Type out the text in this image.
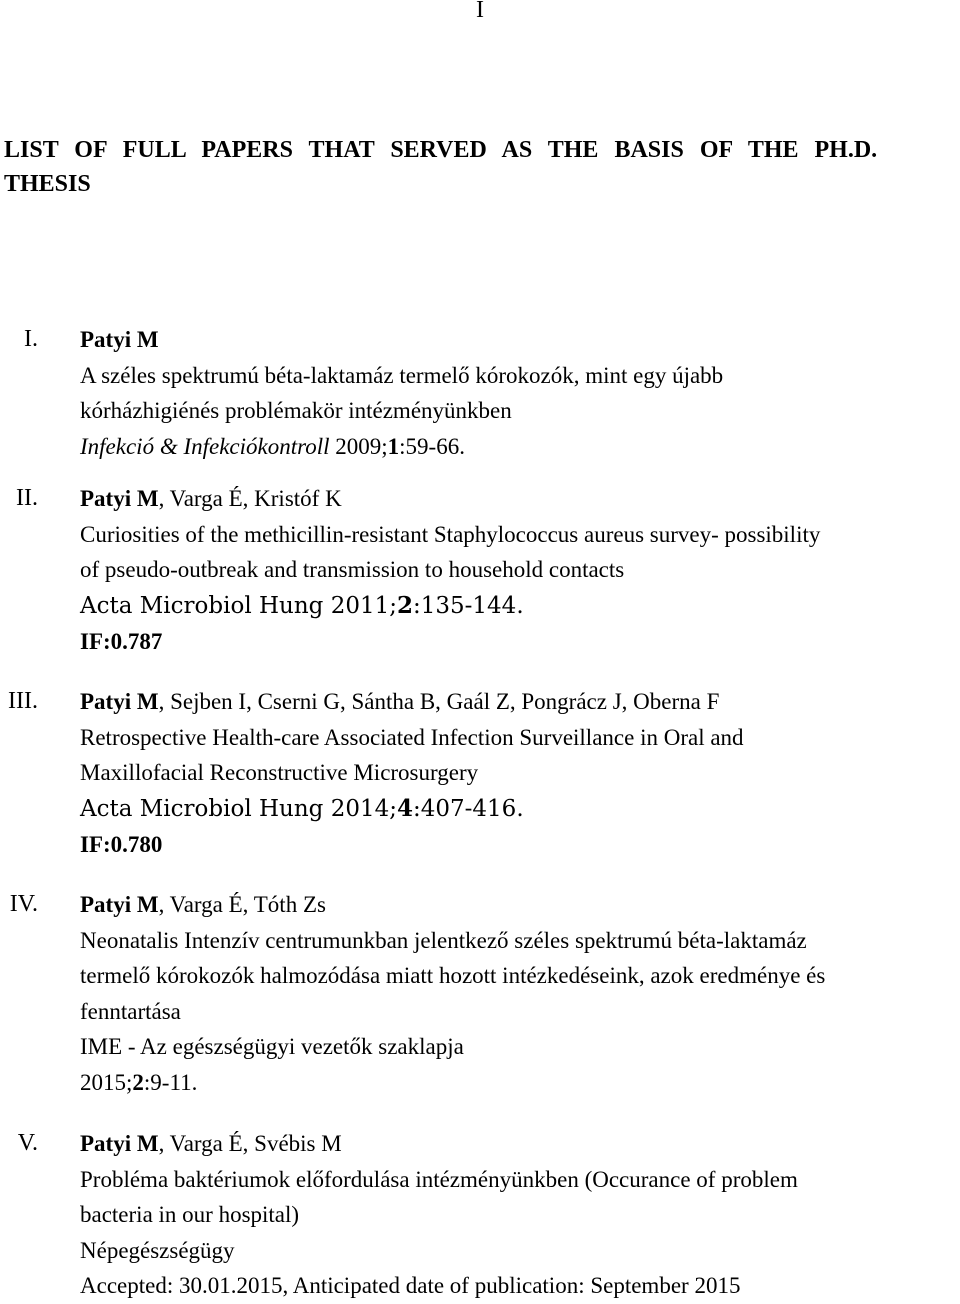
I
LIST OF FULL PAPERS THAT SERVED AS THE BASIS OF THE PH.D.
THESIS
I. Patyi M
A széles spektrumú béta-laktamáz termelő kórokozók, mint egy újabb
kórházhigiénés problémakör intézményünkben
Infekció & Infekciókontroll 2009;1:59-66.
II. Patyi M, Varga É, Kristóf K
Curiosities of the methicillin-resistant Staphylococcus aureus survey- possibility
of pseudo-outbreak and transmission to household contacts
Acta Microbiol Hung 2011;2:135-144.
IF:0.787
III. Patyi M, Sejben I, Cserni G, Sántha B, Gaál Z, Pongrácz J, Oberna F
Retrospective Health-care Associated Infection Surveillance in Oral and
Maxillofacial Reconstructive Microsurgery
Acta Microbiol Hung 2014;4:407-416.
IF:0.780
IV. Patyi M, Varga É, Tóth Zs
Neonatalis Intenzív centrumunkban jelentkező széles spektrumú béta-laktamáz
termelő kórokozók halmozódása miatt hozott intézkedéseink, azok eredménye és
fenntartása
IME - Az egészségügyi vezetők szaklapja
2015;2:9-11.
V. Patyi M, Varga É, Svébis M
Probléma baktériumok előfordulása intézményünkben (Occurance of problem
bacteria in our hospital)
Népegészségügy
Accepted: 30.01.2015, Anticipated date of publication: September 2015
